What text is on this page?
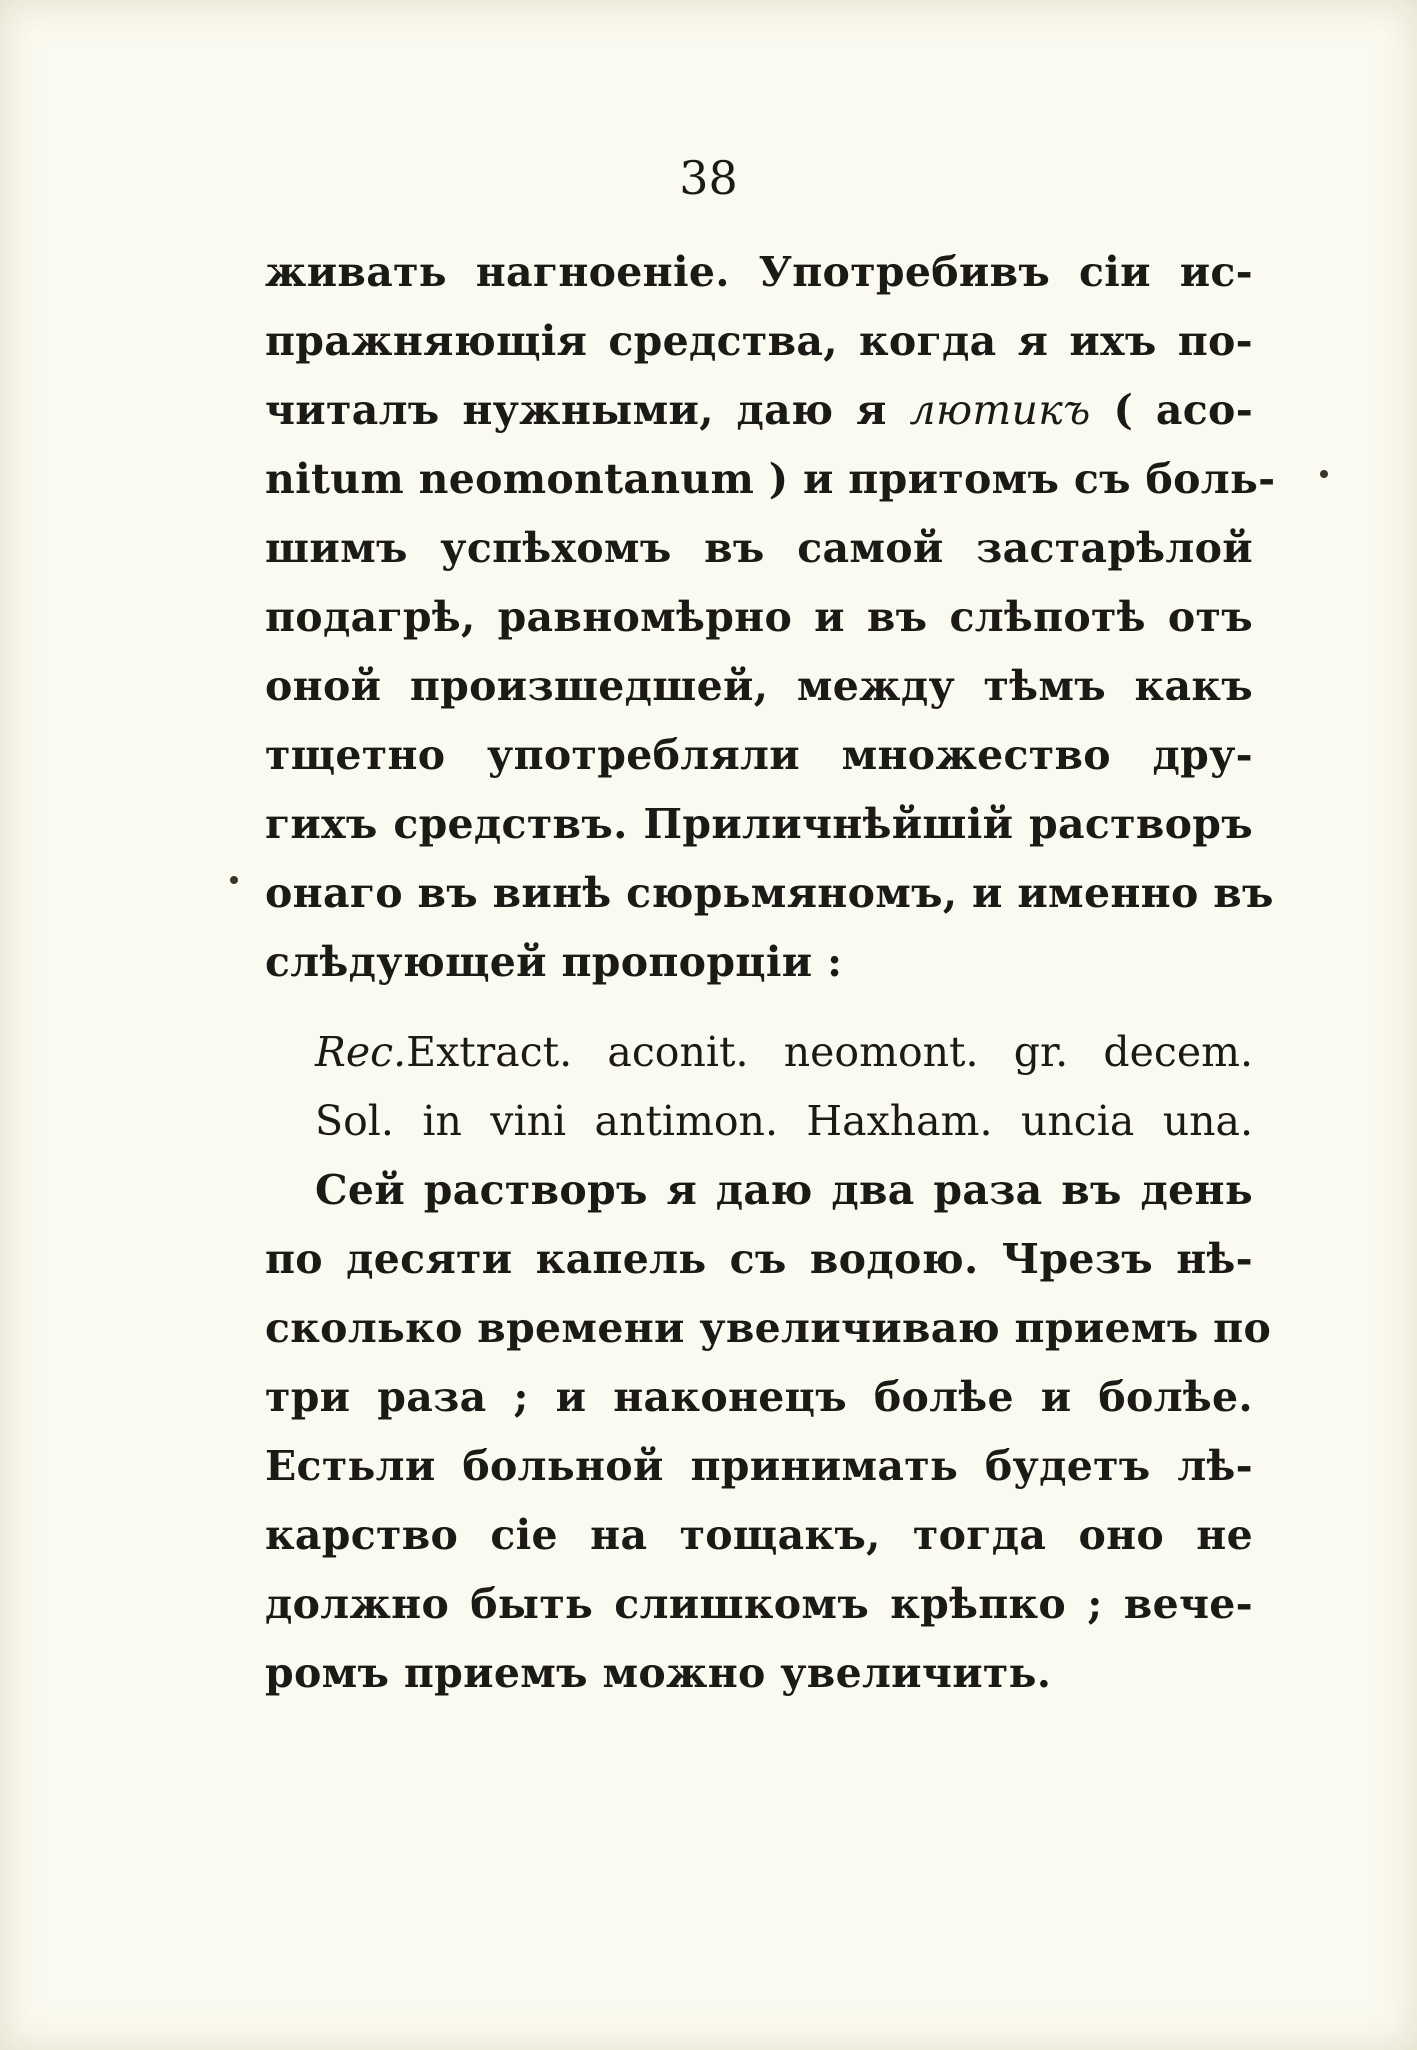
38
живать нагноеніе. Употребивъ сіи ис-
пражняющія средства, когда я ихъ по-
читалъ нужными, даю я лютикъ ( aco-
nitum neomontanum ) и притомъ съ боль-
шимъ успѣхомъ въ самой застарѣлой
подагрѣ, равномѣрно и въ слѣпотѣ отъ
оной произшедшей, между тѣмъ какъ
тщетно употребляли множество дру-
гихъ средствъ. Приличнѣйшій растворъ
онаго въ винѣ сюрьмяномъ, и именно въ
слѣдующей пропорціи :
Rec.Extract. aconit. neomont. gr. decem.
Sol. in vini antimon. Haxham. uncia una.
Сей растворъ я даю два раза въ день
по десяти капель съ водою. Чрезъ нѣ-
сколько времени увеличиваю приемъ по
три раза ; и наконецъ болѣе и болѣе.
Естьли больной принимать будетъ лѣ-
карство сіе на тощакъ, тогда оно не
должно быть слишкомъ крѣпко ; вече-
ромъ приемъ можно увеличить.
